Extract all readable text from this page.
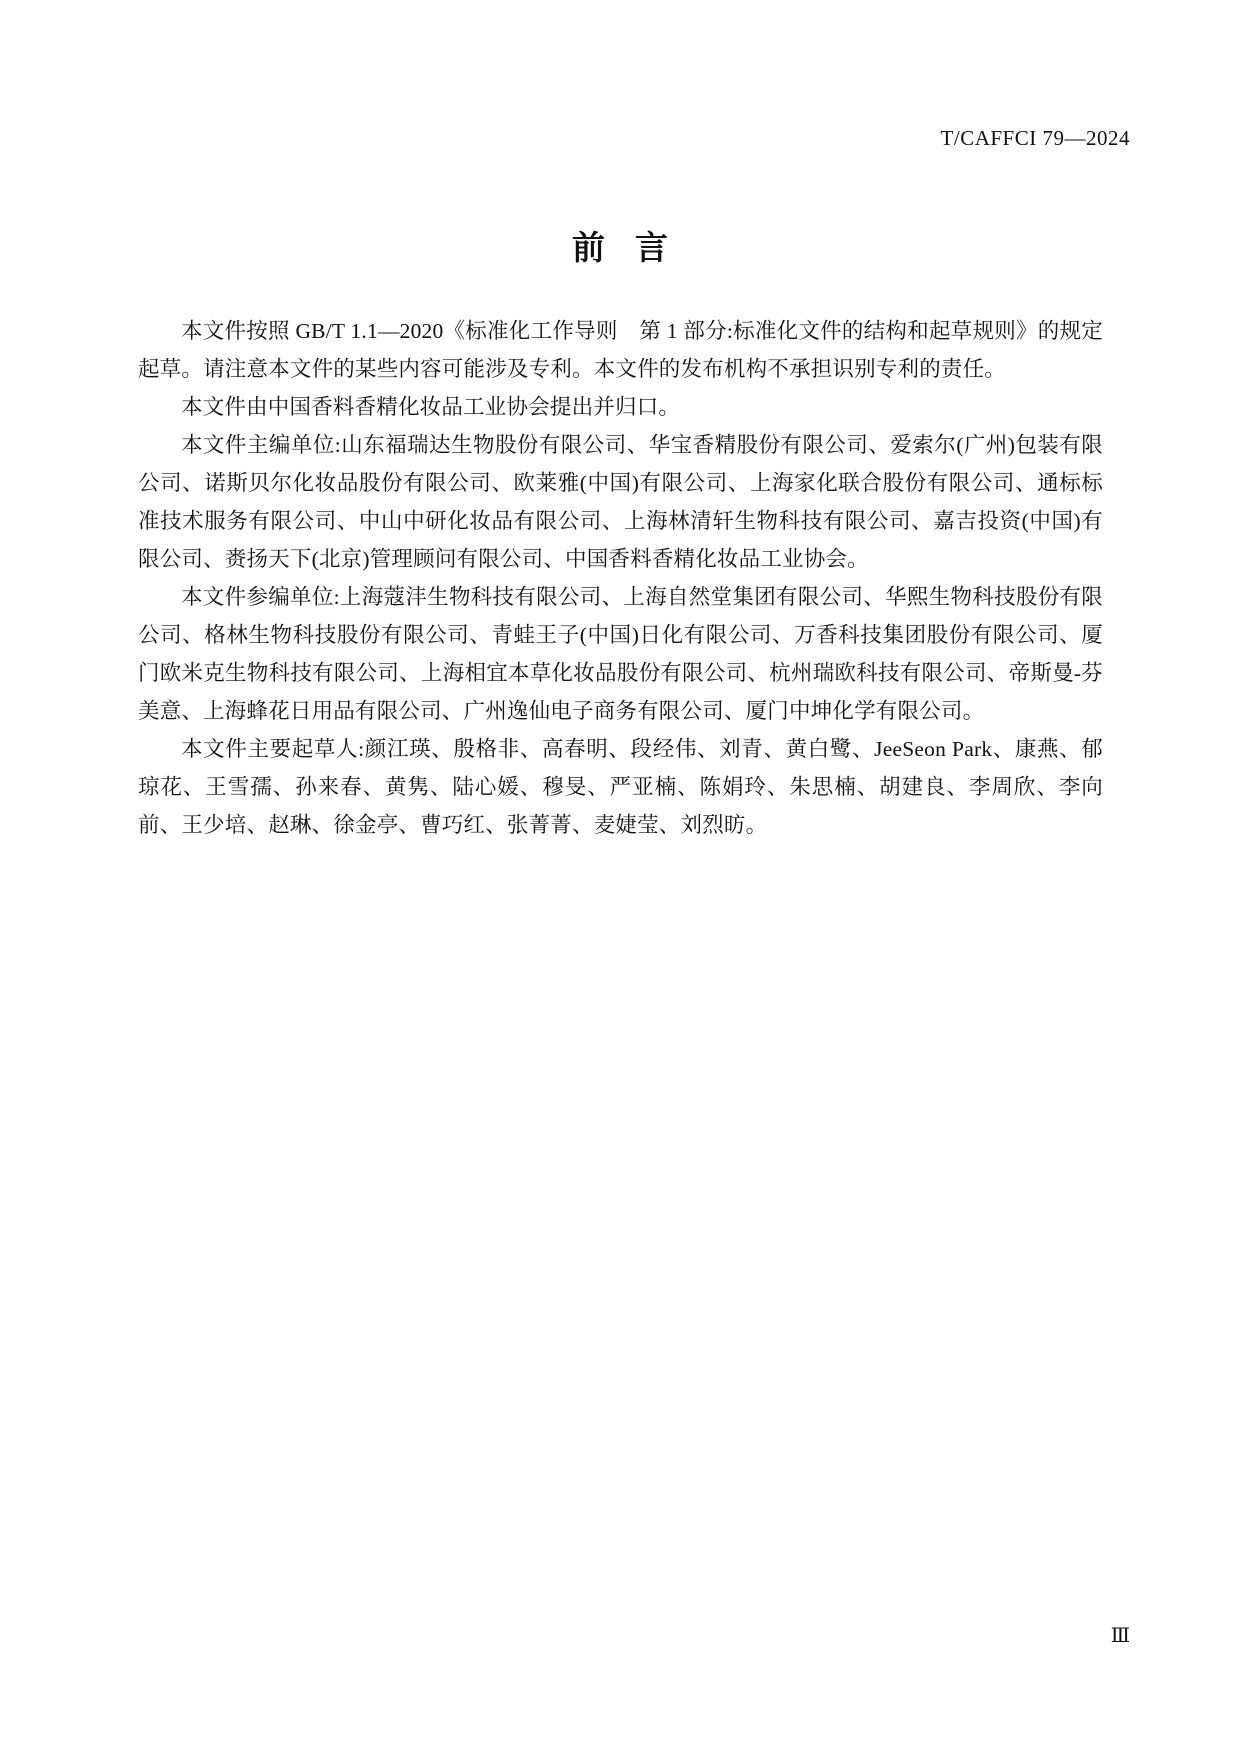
T/CAFFCI 79—2024
前言

本文件按照 GB/T 1.1—2020《标准化工作导则　第 1 部分:标准化文件的结构和起草规则》的规定起草。请注意本文件的某些内容可能涉及专利。本文件的发布机构不承担识别专利的责任。

本文件由中国香料香精化妆品工业协会提出并归口。

本文件主编单位:山东福瑞达生物股份有限公司、华宝香精股份有限公司、爱索尔(广州)包装有限公司、诺斯贝尔化妆品股份有限公司、欧莱雅(中国)有限公司、上海家化联合股份有限公司、通标标准技术服务有限公司、中山中研化妆品有限公司、上海林清轩生物科技有限公司、嘉吉投资(中国)有限公司、赉扬天下(北京)管理顾问有限公司、中国香料香精化妆品工业协会。

本文件参编单位:上海蔻沣生物科技有限公司、上海自然堂集团有限公司、华熙生物科技股份有限公司、格林生物科技股份有限公司、青蛙王子(中国)日化有限公司、万香科技集团股份有限公司、厦门欧米克生物科技有限公司、上海相宜本草化妆品股份有限公司、杭州瑞欧科技有限公司、帝斯曼-芬美意、上海蜂花日用品有限公司、广州逸仙电子商务有限公司、厦门中坤化学有限公司。

本文件主要起草人:颜江瑛、殷格非、高春明、段经伟、刘青、黄白鹭、JeeSeon Park、康燕、郁琼花、王雪孺、孙来春、黄隽、陆心媛、穆旻、严亚楠、陈娟玲、朱思楠、胡建良、李周欣、李向前、王少培、赵琳、徐金亭、曹巧红、张菁菁、麦婕莹、刘烈昉。

Ⅲ
